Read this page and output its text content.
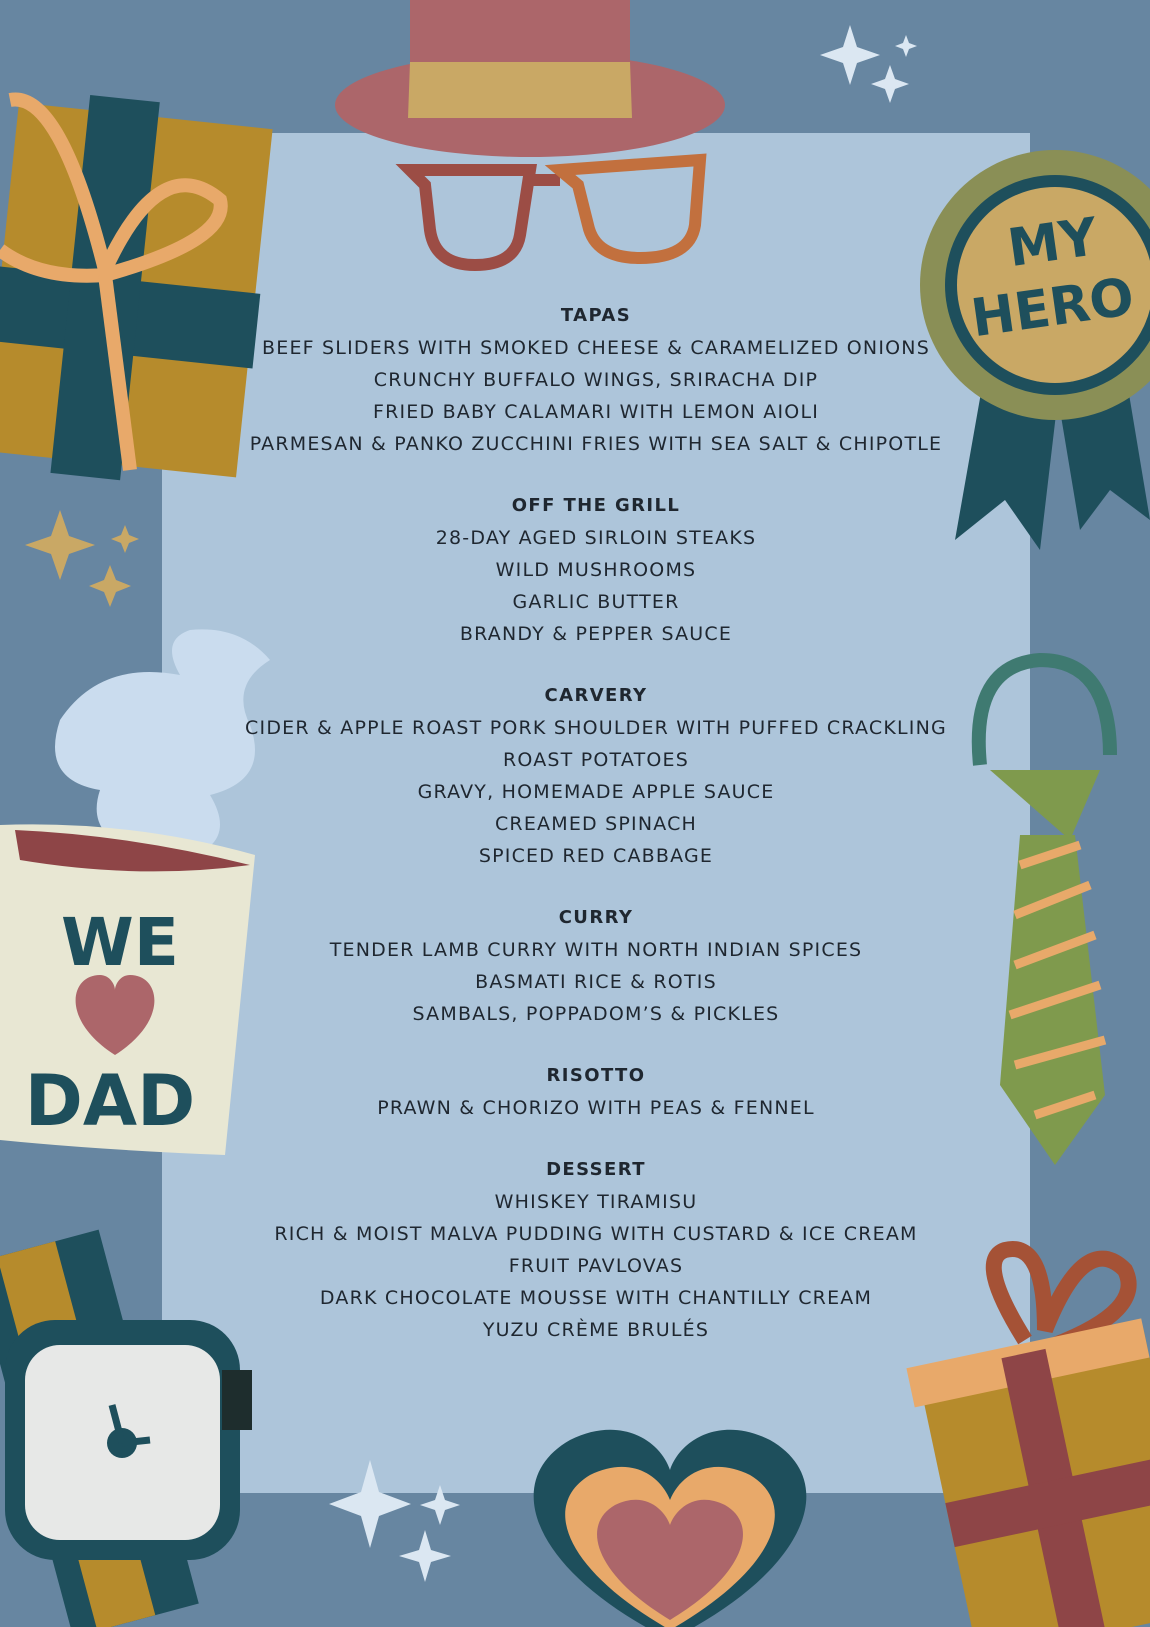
MY
HERO
WE
DAD
TAPAS
BEEF SLIDERS WITH SMOKED CHEESE & CARAMELIZED ONIONS
CRUNCHY BUFFALO WINGS, SRIRACHA DIP
FRIED BABY CALAMARI WITH LEMON AIOLI
PARMESAN & PANKO ZUCCHINI FRIES WITH SEA SALT & CHIPOTLE
OFF THE GRILL
28-DAY AGED SIRLOIN STEAKS
WILD MUSHROOMS
GARLIC BUTTER
BRANDY & PEPPER SAUCE
CARVERY
CIDER & APPLE ROAST PORK SHOULDER WITH PUFFED CRACKLING
ROAST POTATOES
GRAVY, HOMEMADE APPLE SAUCE
CREAMED SPINACH
SPICED RED CABBAGE
CURRY
TENDER LAMB CURRY WITH NORTH INDIAN SPICES
BASMATI RICE & ROTIS
SAMBALS, POPPADOM’S & PICKLES
RISOTTO
PRAWN & CHORIZO WITH PEAS & FENNEL
DESSERT
WHISKEY TIRAMISU
RICH & MOIST MALVA PUDDING WITH CUSTARD & ICE CREAM
FRUIT PAVLOVAS
DARK CHOCOLATE MOUSSE WITH CHANTILLY CREAM
YUZU CRÈME BRULÉS
